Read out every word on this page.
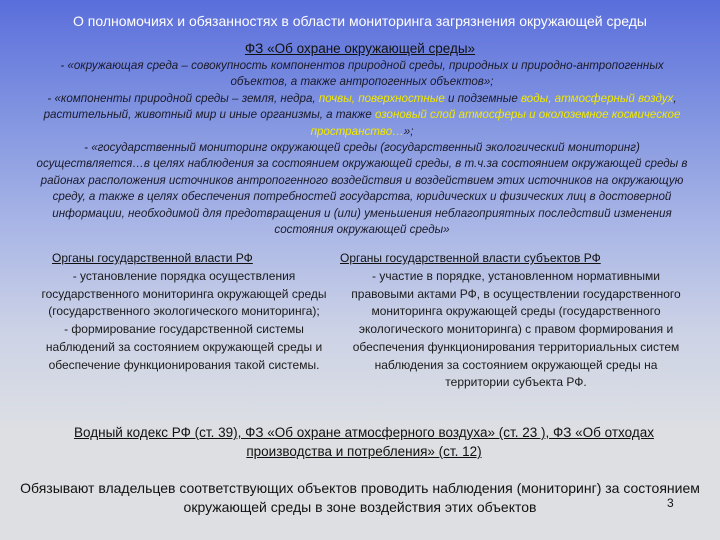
О полномочиях и обязанностях в области мониторинга загрязнения окружающей среды
ФЗ «Об охране окружающей среды»

- «окружающая среда – совокупность компонентов природной среды, природных и природно-антропогенных объектов, а также антропогенных объектов»;

- «компоненты природной среды – земля, недра, почвы, поверхностные и подземные воды, атмосферный воздух, растительный, животный мир и иные организмы, а также озоновый слой атмосферы и околоземное космическое пространство…»;

- «государственный мониторинг окружающей среды (государственный экологический мониторинг) осуществляется…в целях наблюдения за состоянием окружающей среды, в т.ч.за состоянием окружающей среды в районах расположения источников антропогенного воздействия и воздействием этих источников на окружающую среду, а также в целях обеспечения потребностей государства, юридических и физических лиц в достоверной информации, необходимой для предотвращения и (или) уменьшения неблагоприятных последствий изменения состояния окружающей среды»

Органы государственной власти РФ	Органы государственной власти субъектов РФ

- установление порядка осуществления государственного мониторинга окружающей среды (государственного экологического мониторинга);

- формирование государственной системы наблюдений за состоянием окружающей среды и обеспечение функционирования такой системы.

- участие в порядке, установленном нормативными правовыми актами РФ, в осуществлении государственного мониторинга окружающей среды (государственного экологического мониторинга) с правом формирования и обеспечения функционирования территориальных систем наблюдения за состоянием окружающей среды на территории субъекта РФ.

Водный кодекс РФ (ст. 39), ФЗ «Об охране атмосферного воздуха» (ст. 23 ), ФЗ «Об отходах производства и потребления» (ст. 12)
Обязывают владельцев соответствующих объектов проводить наблюдения (мониторинг) за состоянием окружающей среды в зоне воздействия этих объектов	3
